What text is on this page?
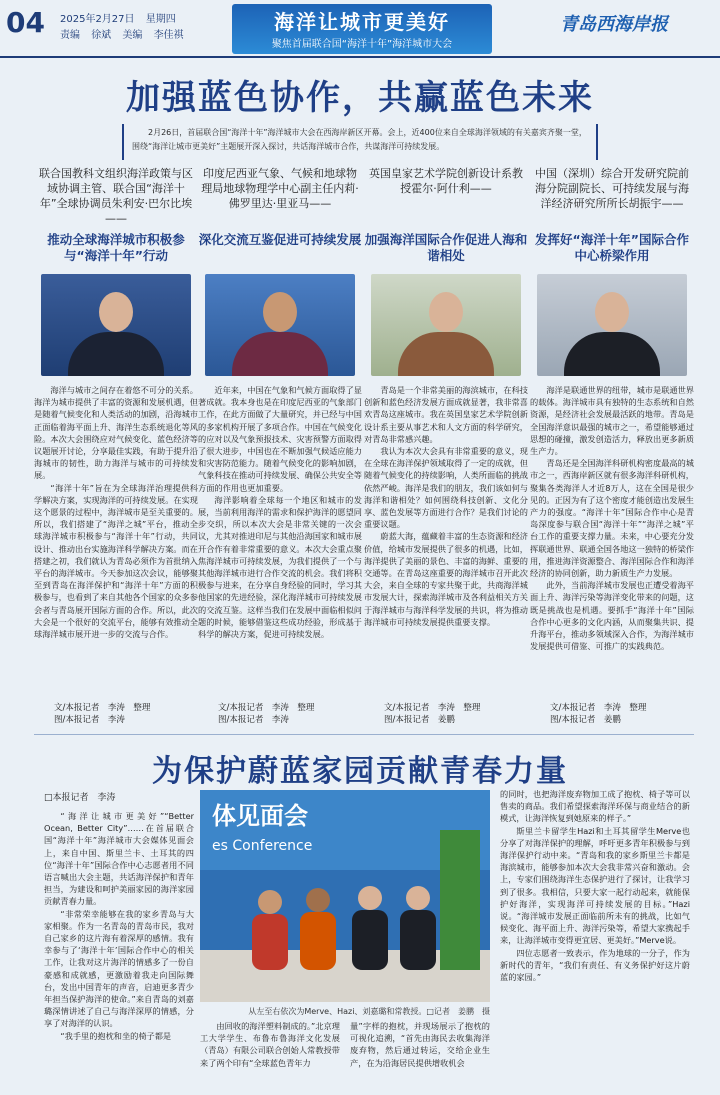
04 2025年2月27日 星期四
责编 徐斌 美编 李佳祺
海洋让城市更美好
聚焦首届联合国“海洋十年”海洋城市大会
青岛西海岸报
加强蓝色协作，共赢蓝色未来
2月26日，首届联合国“海洋十年”海洋城市大会在西海岸新区开幕。会上，近400位来自全球海洋领域的有关嘉宾齐聚一堂，围绕“海洋让城市更美好”主题展开深入探讨，共话海洋城市合作，共谋海洋可持续发展。
联合国教科文组织海洋政策与区域协调主管、联合国“海洋十年”全球协调员朱利安·巴尔比埃——
推动全球海洋城市积极参与“海洋十年”行动

海洋与城市之间存在着悠不可分的关系。海洋为城市提供了丰富的资源和发展机遇，但是随着气候变化和人类活动的加剧，沿海城市正面临着海平面上升、海洋生态系统退化等风险。本次大会围绕应对气候变化、蓝色经济等议题展开讨论，分享最佳实践，有助于提升沿海城市的韧性，助力海洋与城市的可持续发展。

“海洋十年”旨在为全球海洋治理提供科学解决方案，实现海洋的可持续发展。在实现这个愿景的过程中，海洋城市是至关重要的。所以，我们搭建了“海洋之城”平台，推动全球海洋城市积极参与“海洋十年”行动，共同设计、推动出台实施海洋科学解决方案。而在搭建之初，我们就认为青岛必须作为首批纳入平台的海洋城市。今天参加这次会议，能够聚至到青岛在海洋保护和“海洋十年”方面的积极参与，也看到了来自其他各个国家的众多参会者与青岛展开国际方面的合作。所以，此次大会是一个很好的交流平台，能够有效推动全球海洋城市展开进一步的交流与合作。

文/本报记者　李涛　整理
图/本报记者　李涛
印度尼西亚气象、气候和地球物理局地球物理学中心副主任内莉·佛罗里达·里亚马——
深化交流互鉴促进可持续发展

近年来，中国在气象和气候方面取得了显著成就。我本身也是在印度尼西亚的气象部门工作，在此方面做了大量研究，并已经与中国的多家机构开展了多项合作。中国在气候变化的应对以及气象预报技术、灾害预警方面取得了很大进步，中国也在不断加强气候适应能力和灾害防范能力。随着气候变化的影响加剧，气象科技在推动可持续发展、确保公共安全等方面的作用也更加重要。

海洋影响着全球每一个地区和城市的发展，当前利用海洋的需求和保护海洋的愿望同步交织，所以本次大会是非常关键的一次会议，尤其对推进印尼与其他沿海国家和城市展开合作有着非常重要的意义。本次大会重点聚焦海洋城市可持续发展，为我们提供了一个与其他海洋城市进行合作交流的机会。我们将积极参与进来，在分享自身经验的同时，学习其他国家的先进经验，深化海洋城市可持续发展的交流互鉴。这样当我们在发展中面临相似问题的时候，能够借鉴这些成功经验，形成基于科学的解决方案，促进可持续发展。

文/本报记者　李涛　整理
图/本报记者　李涛
英国皇家艺术学院创新设计系教授霍尔·阿什利——
加强海洋国际合作促进人海和谐相处

青岛是一个非常美丽的海滨城市，在科技创新和蓝色经济发展方面成就显著，我非常喜欢青岛这座城市。我在英国皇家艺术学院创新设计系主要从事艺术和人文方面的科学研究，对青岛非常感兴趣。

我认为本次大会具有非常重要的意义，现在全球在海洋保护领域取得了一定的成就，但随着气候变化的持续影响，人类所面临的挑战依然严峻。海洋是我们的朋友，我们该如何与海洋和谐相处？如何围绕科技创新、文化分享、蓝色发展等方面进行合作？是我们讨论的重要议题。

蔚蓝大海，蕴藏着丰富的生态资源和经济价值，给城市发展提供了很多的机遇，比如，海洋提供了美丽的景色、丰富的海鲜、重要的交通等。在青岛这座重要的海洋城市召开此次大会，来自全球的专家共聚于此，共商海洋城市发展大计，探索海洋城市及各利益相关方关于海洋城市与海洋科学发展的共识，将为推动海洋城市可持续发展提供重要支撑。

文/本报记者　李涛　整理
图/本报记者　姜鹏
中国（深圳）综合开发研究院前海分院副院长、可持续发展与海洋经济研究所所长胡振宇——
发挥好“海洋十年”国际合作中心桥梁作用

海洋是联通世界的纽带，城市是联通世界的载体。海洋城市具有独特的生态系统和自然资源，是经济社会发展最活跃的地带。青岛是全国海洋意识最强的城市之一，希望能够通过思想的碰撞，激发创造活力，释放出更多新质生产力。

青岛还是全国海洋科研机构密度最高的城市之一，西海岸新区就有很多海洋科研机构，聚集各类海洋人才近8万人，这在全国是很少见的。正因为有了这个密度才能创造出发展生产力的强度。“海洋十年”国际合作中心是青岛深度参与联合国“海洋十年”“海洋之城”平台工作的重要支撑力量。未来，中心要充分发挥联通世界、联通全国各地这一独特的桥梁作用，推进海洋资源整合、海洋国际合作和海洋经济的协同创新，助力新质生产力发展。

此外，当前海洋城市发展也正遭受着海平面上升、海洋污染等海洋变化带来的问题，这既是挑战也是机遇。要抓手“海洋十年”国际合作中心更多的文化内涵，从而聚集共识、提升海平台，推动多领域深入合作，为海洋城市发展提供可借鉴、可推广的实践典范。

文/本报记者　李涛　整理
图/本报记者　姜鹏
为保护蔚蓝家园贡献青春力量
□本报记者　李涛

“海洋让城市更美好”“Better Ocean, Better City”……在首届联合国“海洋十年”海洋城市大会媒体见面会上，来自中国、斯里兰卡、土耳其的四位“海洋十年”国际合作中心志愿者用不同语言喊出大会主题，共话海洋保护和青年担当，为建设和呵护美丽家园的海洋家园贡献青春力量。

“非常荣幸能够在我的家乡青岛与大家相聚。作为一名青岛的青岛市民，我对自己家乡的这片海有着深厚的感情。我有幸参与了‘海洋十年’国际合作中心的相关工作，让我对这片海洋的情感多了一份自豪感和成就感，更激励着我走向国际舞台，发出中国青年的声音，启迪更多青少年担当保护海洋的使命。”来自青岛的刘嘉璐深情讲述了自己与海洋深厚的情感，分享了对海洋的认识。

“我手里的抱枕和坐的椅子都是

体见面会
es Conference
从左至右依次为Merve、Hazi、刘嘉璐和常教授。□记者　姜鹏　摄

由回收的海洋塑料制成的。”北京理工大学学生、布鲁布鲁海洋文化发展（青岛）有限公司联合创始人常教授带来了两个印有“全球蓝色青年力

量”字样的抱枕，并现场展示了抱枕的可视化追溯，“首先由海民去收集海洋废弃物，然后通过转运，交给企业生产，在为沿海居民提供增收机会

的同时，也把海洋废弃物加工成了抱枕、椅子等可以售卖的商品。我们希望探索海洋环保与商业结合的新模式，让海洋恢复到她原来的样子。”

斯里兰卡留学生Hazi和土耳其留学生Merve也分享了对海洋保护的理解，呼吁更多青年积极参与到海洋保护行动中来。“青岛和我的家乡斯里兰卡都是海滨城市，能够参加本次大会我非常兴奋和激动。会上，专家们围绕海洋生态保护进行了探讨，让我学习到了很多。我相信，只要大家一起行动起来，就能保护好海洋，实现海洋可持续发展的目标。”Hazi说。“海洋城市发展正面临前所未有的挑战，比如气候变化、海平面上升、海洋污染等，希望大家携起手来，让海洋城市变得更宜居、更美好。”Merve说。

四位志愿者一致表示，作为地球的一分子，作为新时代的青年，“我们有责任、有义务保护好这片蔚蓝的家园。”
